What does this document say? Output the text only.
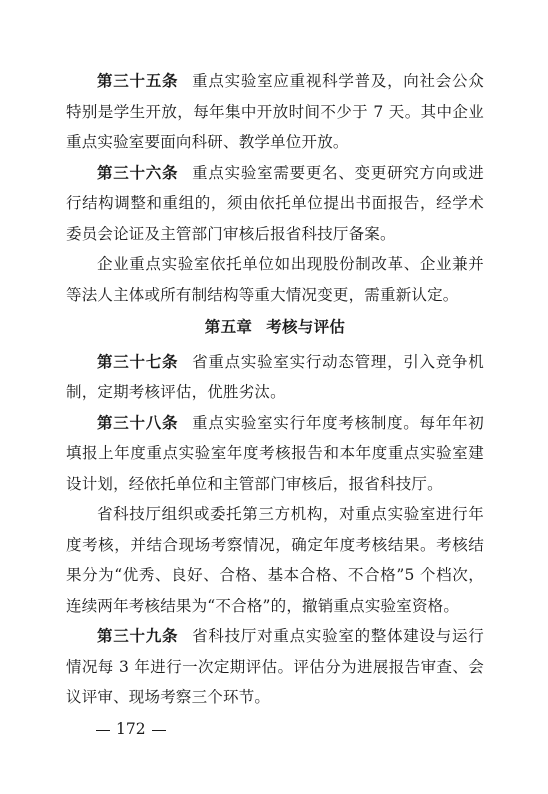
第三十五条 重点实验室应重视科学普及，向社会公众特别是学生开放，每年集中开放时间不少于 7 天。其中企业重点实验室要面向科研、教学单位开放。

第三十六条 重点实验室需要更名、变更研究方向或进行结构调整和重组的，须由依托单位提出书面报告，经学术委员会论证及主管部门审核后报省科技厅备案。

企业重点实验室依托单位如出现股份制改革、企业兼并等法人主体或所有制结构等重大情况变更，需重新认定。

第五章 考核与评估

第三十七条 省重点实验室实行动态管理，引入竞争机制，定期考核评估，优胜劣汰。

第三十八条 重点实验室实行年度考核制度。每年年初填报上年度重点实验室年度考核报告和本年度重点实验室建设计划，经依托单位和主管部门审核后，报省科技厅。

省科技厅组织或委托第三方机构，对重点实验室进行年度考核，并结合现场考察情况，确定年度考核结果。考核结果分为“优秀、良好、合格、基本合格、不合格”5 个档次，连续两年考核结果为“不合格”的，撤销重点实验室资格。

第三十九条 省科技厅对重点实验室的整体建设与运行情况每 3 年进行一次定期评估。评估分为进展报告审查、会议评审、现场考察三个环节。

172
